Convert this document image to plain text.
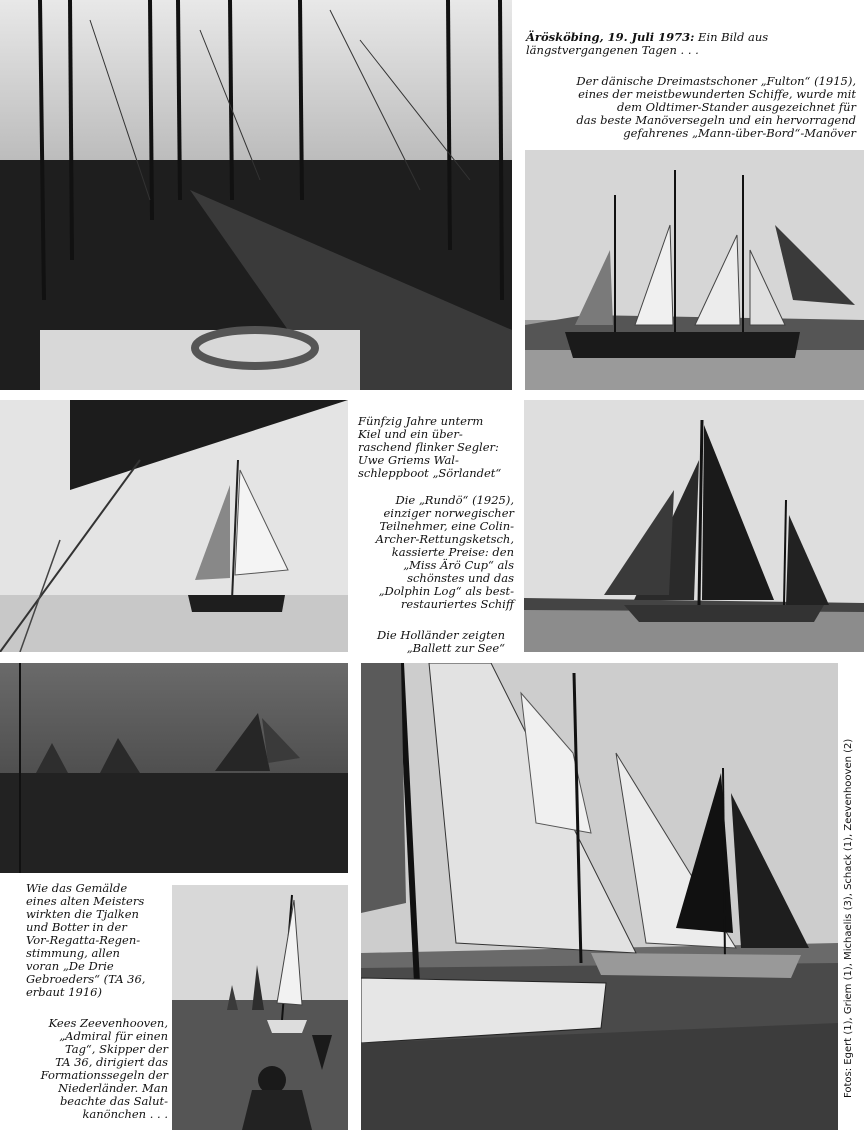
Ärösköbing, 19. Juli 1973: Ein Bild aus
längstvergangenen Tagen . . .

Der dänische Dreimastschoner „Fulton“ (1915),
eines der meistbewunderten Schiffe, wurde mit
dem Oldtimer-Stander ausgezeichnet für
das beste Manöversegeln und ein hervorragend
gefahrenes „Mann-über-Bord“-Manöver
Fünfzig Jahre unterm
Kiel und ein über-
raschend flinker Segler:
Uwe Griems Wal-
schleppboot „Sörlandet“
Die „Rundö“ (1925),
einziger norwegischer
Teilnehmer, eine Colin-
Archer-Rettungsketsch,
kassierte Preise: den
„Miss Ärö Cup“ als
schönstes und das
„Dolphin Log“ als best-
restauriertes Schiff
Die Holländer zeigten
„Ballett zur See“
Wie das Gemälde
eines alten Meisters
wirkten die Tjalken
und Botter in der
Vor-Regatta-Regen-
stimmung, allen
voran „De Drie
Gebroeders“ (TA 36,
erbaut 1916)
Kees Zeevenhooven,
„Admiral für einen
Tag“, Skipper der
TA 36, dirigiert das
Formationssegeln der
Niederländer. Man
beachte das Salut-
kanönchen . . .
Fotos: Egert (1), Griem (1), Michaelis (3), Schack (1), Zeevenhooven (2)
